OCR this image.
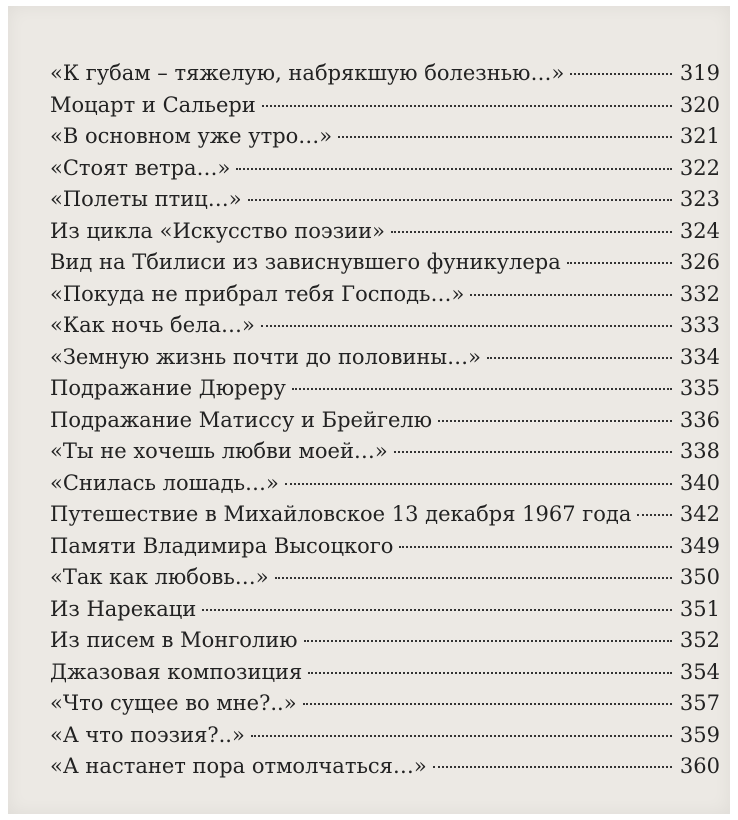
«К губам – тяжелую, набрякшую болезнью…»	319
Моцарт и Сальери	320
«В основном уже утро…»	321
«Стоят ветра…»	322
«Полеты птиц…»	323
Из цикла «Искусство поэзии»	324
Вид на Тбилиси из зависнувшего фуникулера	326
«Покуда не прибрал тебя Господь…»	332
«Как ночь бела…»	333
«Земную жизнь почти до половины…»	334
Подражание Дюреру	335
Подражание Матиссу и Брейгелю	336
«Ты не хочешь любви моей…»	338
«Снилась лошадь…»	340
Путешествие в Михайловское 13 декабря 1967 года 342
Памяти Владимира Высоцкого	349
«Так как любовь…»	350
Из Нарекаци	351
Из писем в Монголию	352
Джазовая композиция	354
«Что сущее во мне?..»	357
«А что поэзия?..»	359
«А настанет пора отмолчаться…»	360
